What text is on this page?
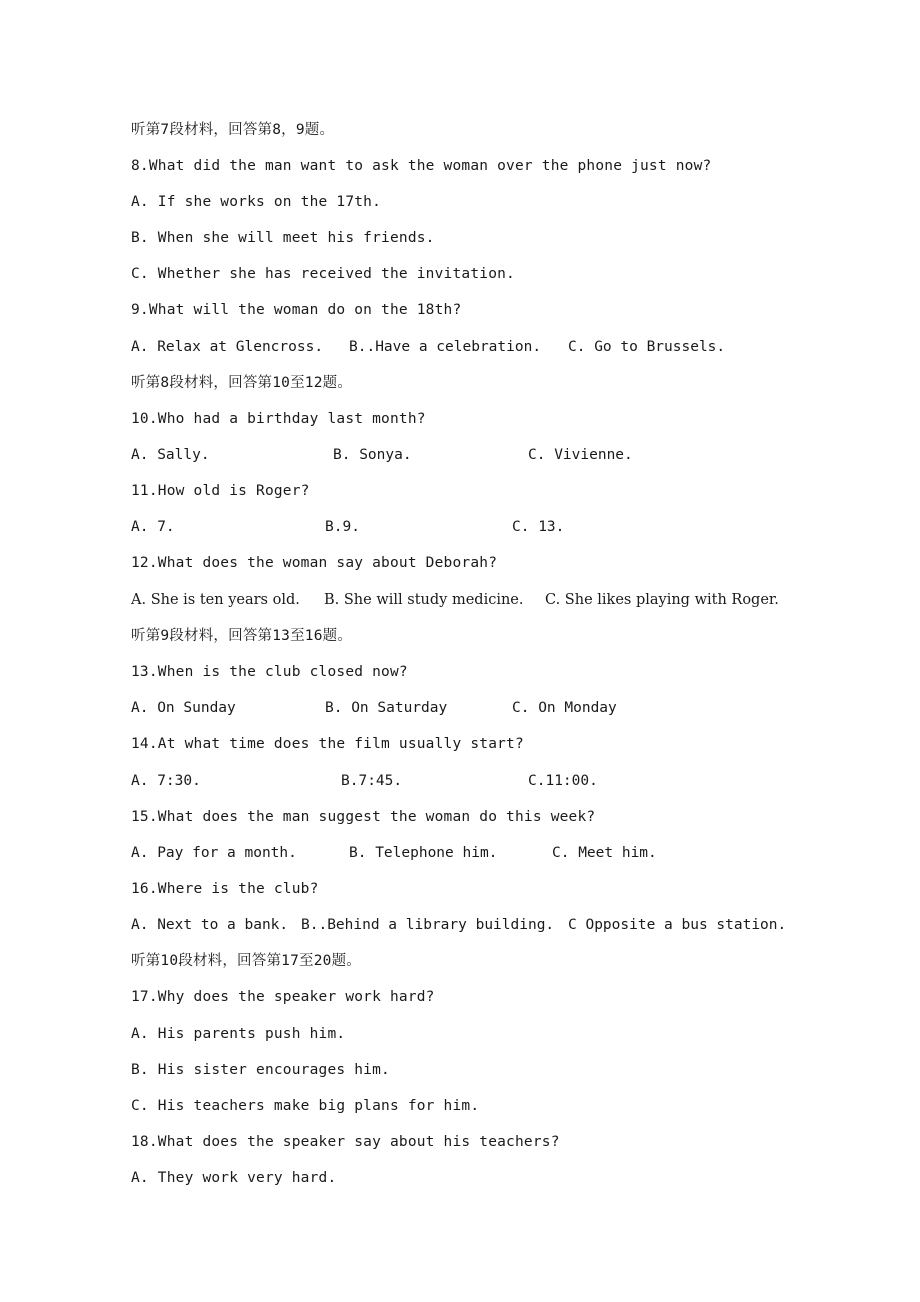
听第7段材料，回答第8，9题。
8.What did the man want to ask the woman over the phone just now?
A. If she works on the 17th.
B. When she will meet his friends.
C. Whether she has received the invitation.
9.What will the woman do on the 18th?
A. Relax at Glencross. B..Have a celebration. C. Go to Brussels.
听第8段材料，回答第10至12题。
10.Who had a birthday last month?
A. Sally.	B. Sonya.	C. Vivienne.
11.How old is Roger?
A. 7.	B.9.	C. 13.
12.What does the woman say about Deborah?
A. She is ten years old. B. She will study medicine. C. She likes playing with Roger.
听第9段材料，回答第13至16题。
13.When is the club closed now?
A. On Sunday	B. On Saturday	C. On Monday
14.At what time does the film usually start?
A. 7:30.	B.7:45.	C.11:00.
15.What does the man suggest the woman do this week?
A. Pay for a month.	B. Telephone him.	C. Meet him.
16.Where is the club?
A. Next to a bank. B..Behind a library building. C Opposite a bus station.
听第10段材料，回答第17至20题。
17.Why does the speaker work hard?
A. His parents push him.
B. His sister encourages him.
C. His teachers make big plans for him.
18.What does the speaker say about his teachers?
A. They work very hard.
